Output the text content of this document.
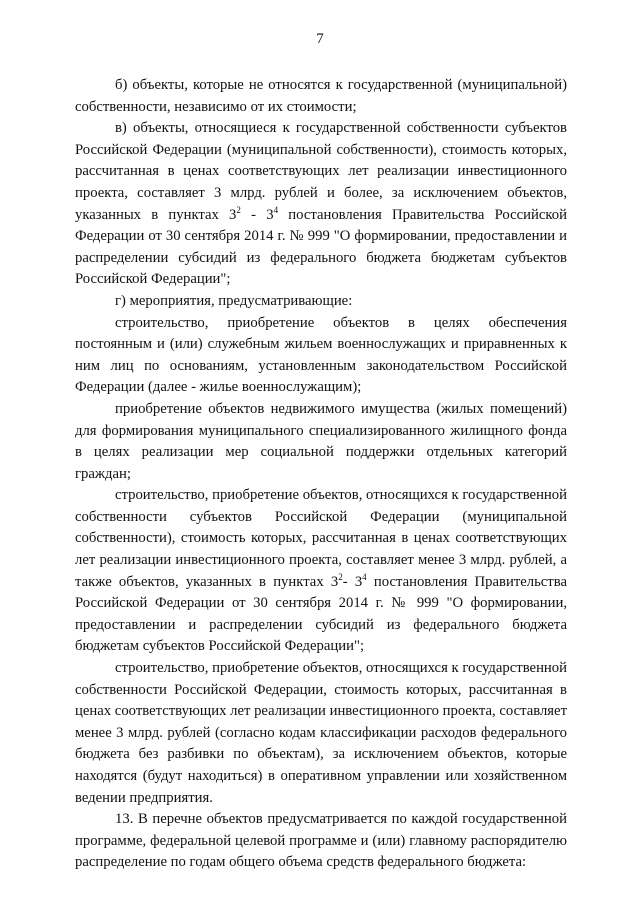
7

б) объекты, которые не относятся к государственной (муниципальной) собственности, независимо от их стоимости;

в) объекты, относящиеся к государственной собственности субъектов Российской Федерации (муниципальной собственности), стоимость которых, рассчитанная в ценах соответствующих лет реализации инвестиционного проекта, составляет 3 млрд. рублей и более, за исключением объектов, указанных в пунктах $3^2 - 3^4$ постановления Правительства Российской Федерации от 30 сентября 2014 г. № 999 "О формировании, предоставлении и распределении субсидий из федерального бюджета бюджетам субъектов Российской Федерации";

г) мероприятия, предусматривающие:

строительство, приобретение объектов в целях обеспечения постоянным и (или) служебным жильем военнослужащих и приравненных к ним лиц по основаниям, установленным законодательством Российской Федерации (далее - жилье военнослужащим);

приобретение объектов недвижимого имущества (жилых помещений) для формирования муниципального специализированного жилищного фонда в целях реализации мер социальной поддержки отдельных категорий граждан;

строительство, приобретение объектов, относящихся к государственной собственности субъектов Российской Федерации (муниципальной собственности), стоимость которых, рассчитанная в ценах соответствующих лет реализации инвестиционного проекта, составляет менее 3 млрд. рублей, а также объектов, указанных в пунктах $3^2-$ $3^4$ постановления Правительства Российской Федерации от 30 сентября 2014 г. № 999 "О формировании, предоставлении и распределении субсидий из федерального бюджета бюджетам субъектов Российской Федерации";

строительство, приобретение объектов, относящихся к государственной собственности Российской Федерации, стоимость которых, рассчитанная в ценах соответствующих лет реализации инвестиционного проекта, составляет менее 3 млрд. рублей (согласно кодам классификации расходов федерального бюджета без разбивки по объектам), за исключением объектов, которые находятся (будут находиться) в оперативном управлении или хозяйственном ведении предприятия.

13. В перечне объектов предусматривается по каждой государственной программе, федеральной целевой программе и (или) главному распорядителю распределение по годам общего объема средств федерального бюджета:
